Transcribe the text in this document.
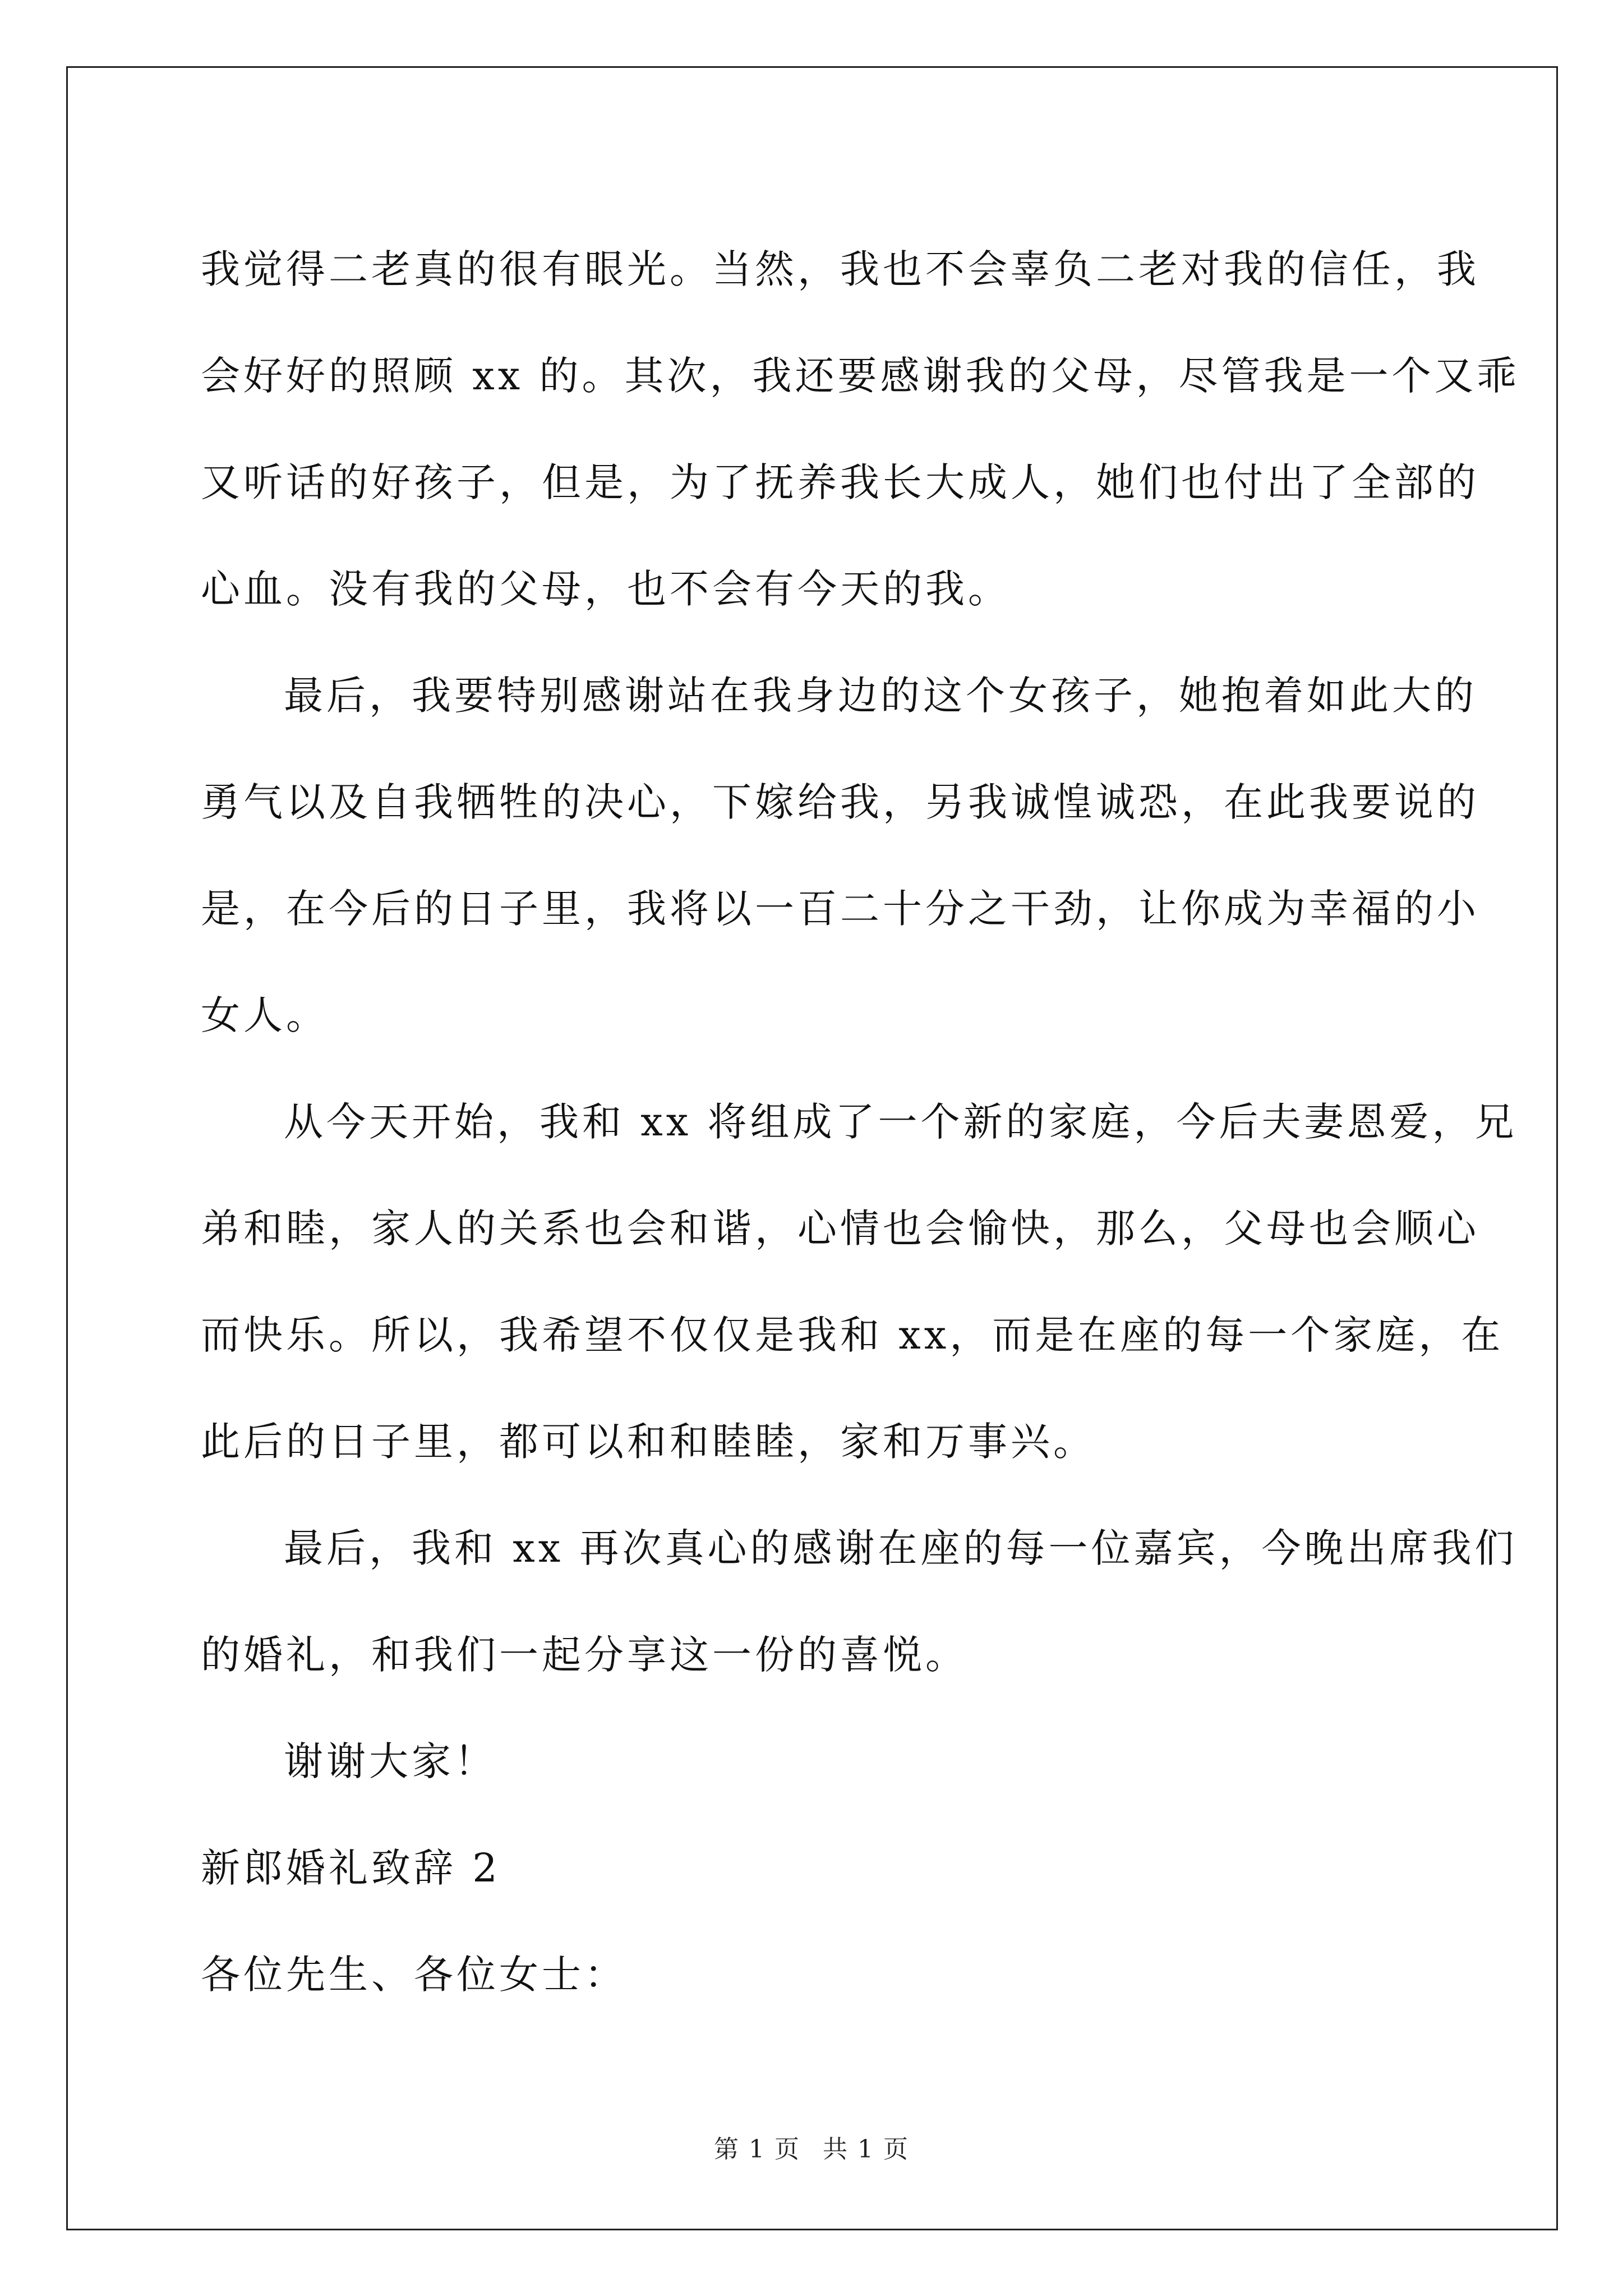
我觉得二老真的很有眼光。当然，我也不会辜负二老对我的信任，我
会好好的照顾 xx 的。其次，我还要感谢我的父母，尽管我是一个又乖
又听话的好孩子，但是，为了抚养我长大成人，她们也付出了全部的
心血。没有我的父母，也不会有今天的我。

最后，我要特别感谢站在我身边的这个女孩子，她抱着如此大的
勇气以及自我牺牲的决心，下嫁给我，另我诚惶诚恐，在此我要说的
是，在今后的日子里，我将以一百二十分之干劲，让你成为幸福的小
女人。

从今天开始，我和 xx 将组成了一个新的家庭，今后夫妻恩爱，兄
弟和睦，家人的关系也会和谐，心情也会愉快，那么，父母也会顺心
而快乐。所以，我希望不仅仅是我和 xx，而是在座的每一个家庭，在
此后的日子里，都可以和和睦睦，家和万事兴。

最后，我和 xx 再次真心的感谢在座的每一位嘉宾，今晚出席我们
的婚礼，和我们一起分享这一份的喜悦。

谢谢大家！

新郎婚礼致辞 2

各位先生、各位女士：

第 1 页 共 1 页
